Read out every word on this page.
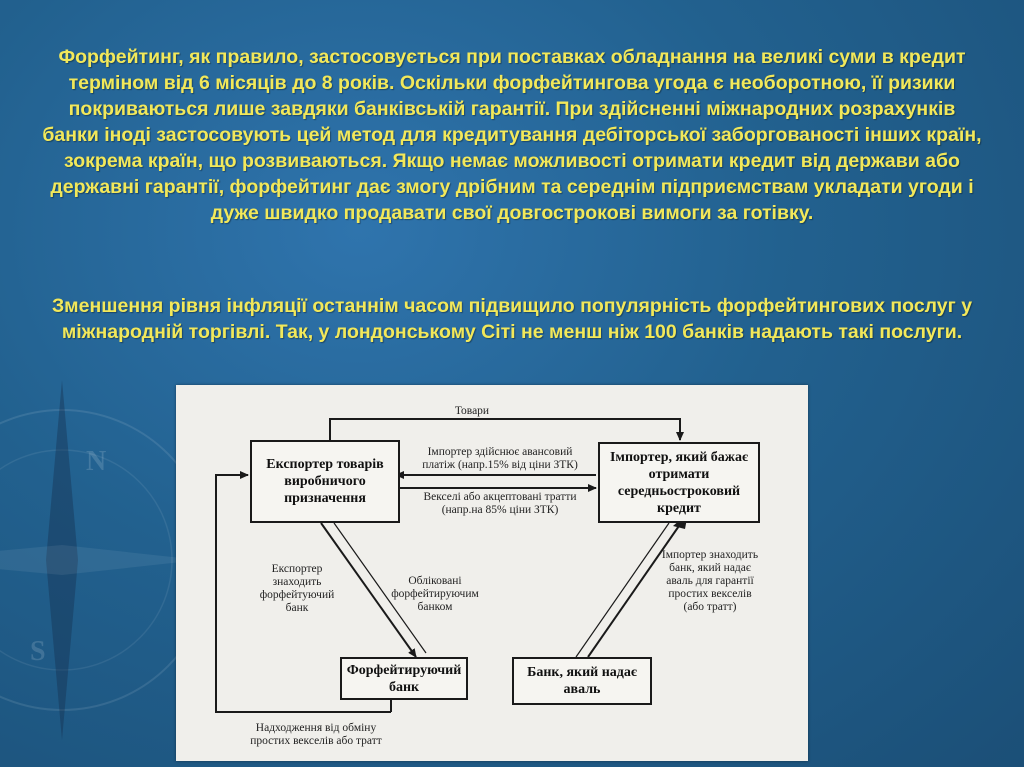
N
S

Форфейтинг, як правило, застосовується при поставках обладнання на великі суми в кредит терміном від 6 місяців до 8 років. Оскільки форфейтингова угода є необоротною, її ризики покриваються лише завдяки банківській гарантії. При здійсненні міжнародних розрахунків банки іноді застосовують цей метод для кредитування дебіторської заборгованості інших країн, зокрема країн, що розвиваються. Якщо немає можливості отримати кредит від держави або державні гарантії, форфейтинг дає змогу дрібним та середнім підприємствам укладати угоди і дуже швидко продавати свої довгострокові вимоги за готівку.

Зменшення рівня інфляції останнім часом підвищило популярність форфейтингових послуг у міжнародній торгівлі. Так, у лондонському Сіті не менш ніж 100 банків надають такі послуги.

Експортер товарів виробничого призначення
Імпортер, який бажає отримати середньостроковий кредит
Форфейтируючий банк
Банк, який надає аваль
Товари
Імпортер здійснює авансовий платіж (напр.15% від ціни ЗТК)
Векселі або акцептовані тратти (напр.на 85% ціни ЗТК)
Експортер знаходить форфейтуючий банк
Обліковані форфейтируючим банком
Імпортер знаходить банк, який надає аваль для гарантії простих векселів (або тратт)
Надходження від обміну простих векселів або тратт
